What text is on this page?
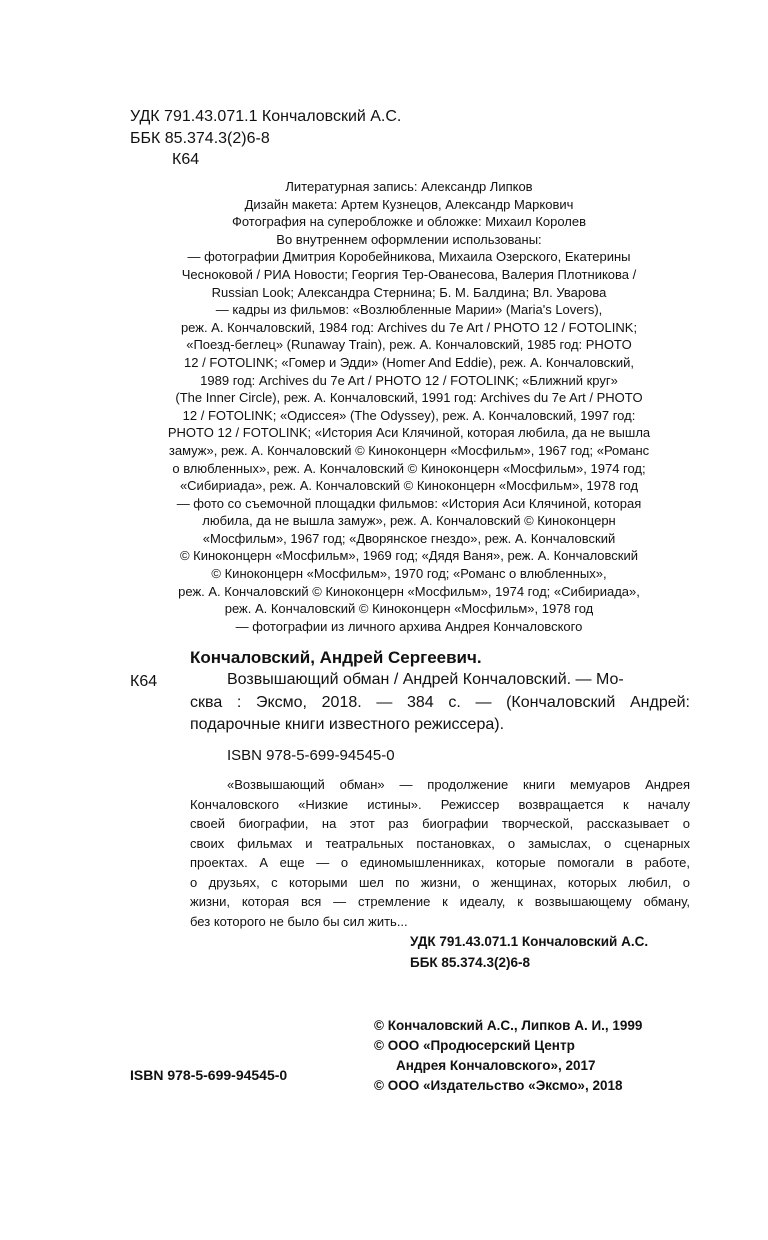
УДК 791.43.071.1 Кончаловский А.С.
ББК 85.374.3(2)6-8
К64
Литературная запись: Александр Липков
Дизайн макета: Артем Кузнецов, Александр Маркович
Фотография на суперобложке и обложке: Михаил Королев
Во внутреннем оформлении использованы:
— фотографии Дмитрия Коробейникова, Михаила Озерского, Екатерины
Чесноковой / РИА Новости; Георгия Тер-Ованесова, Валерия Плотникова /
Russian Look; Александра Стернина; Б. М. Балдина; Вл. Уварова
— кадры из фильмов: «Возлюбленные Марии» (Maria's Lovers),
реж. А. Кончаловский, 1984 год: Archives du 7e Art / PHOTO 12 / FOTOLINK;
«Поезд-беглец» (Runaway Train), реж. А. Кончаловский, 1985 год: PHOTO
12 / FOTOLINK; «Гомер и Эдди» (Homer And Eddie), реж. А. Кончаловский,
1989 год: Archives du 7e Art / PHOTO 12 / FOTOLINK; «Ближний круг»
(The Inner Circle), реж. А. Кончаловский, 1991 год: Archives du 7e Art / PHOTO
12 / FOTOLINK; «Одиссея» (The Odyssey), реж. А. Кончаловский, 1997 год:
PHOTO 12 / FOTOLINK; «История Аси Клячиной, которая любила, да не вышла
замуж», реж. А. Кончаловский © Киноконцерн «Мосфильм», 1967 год; «Романс
о влюбленных», реж. А. Кончаловский © Киноконцерн «Мосфильм», 1974 год;
«Сибириада», реж. А. Кончаловский © Киноконцерн «Мосфильм», 1978 год
— фото со съемочной площадки фильмов: «История Аси Клячиной, которая
любила, да не вышла замуж», реж. А. Кончаловский © Киноконцерн
«Мосфильм», 1967 год; «Дворянское гнездо», реж. А. Кончаловский
© Киноконцерн «Мосфильм», 1969 год; «Дядя Ваня», реж. А. Кончаловский
© Киноконцерн «Мосфильм», 1970 год; «Романс о влюбленных»,
реж. А. Кончаловский © Киноконцерн «Мосфильм», 1974 год; «Сибириада»,
реж. А. Кончаловский © Киноконцерн «Мосфильм», 1978 год
— фотографии из личного архива Андрея Кончаловского
Кончаловский, Андрей Сергеевич.
К64	Возвышающий обман / Андрей Кончаловский. — Мо-
сква : Эксмо, 2018. — 384 с. — (Кончаловский Андрей:
подарочные книги известного режиссера).
ISBN 978-5-699-94545-0
«Возвышающий обман» — продолжение книги мемуаров Андрея
Кончаловского «Низкие истины». Режиссер возвращается к началу
своей биографии, на этот раз биографии творческой, рассказывает о
своих фильмах и театральных постановках, о замыслах, о сценарных
проектах. А еще — о единомышленниках, которые помогали в работе,
о друзьях, с которыми шел по жизни, о женщинах, которых любил, о
жизни, которая вся — стремление к идеалу, к возвышающему обману,
без которого не было бы сил жить...
УДК 791.43.071.1 Кончаловский А.С.
ББК 85.374.3(2)6-8
© Кончаловский А.С., Липков А. И., 1999
© ООО «Продюсерский Центр
Андрея Кончаловского», 2017
© ООО «Издательство «Эксмо», 2018
ISBN 978-5-699-94545-0
